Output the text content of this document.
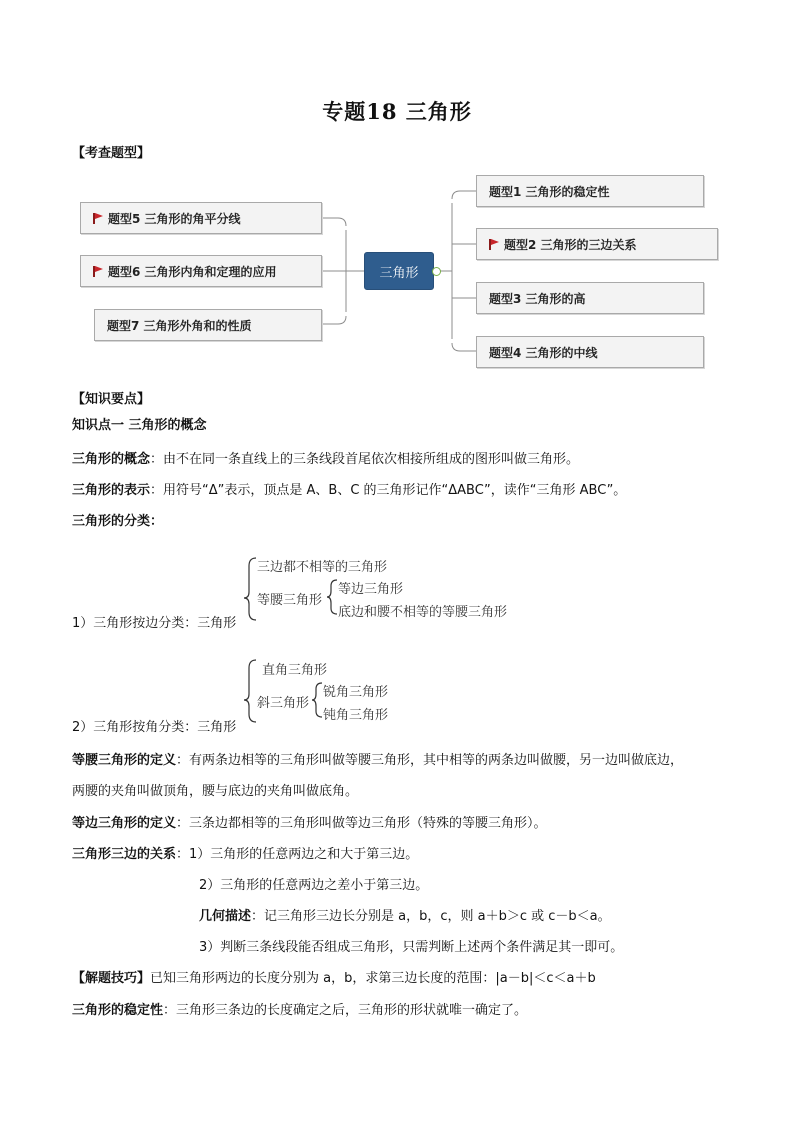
专题18 三角形
【考查题型】
题型5 三角形的角平分线
题型6 三角形内角和定理的应用
题型7 三角形外角和的性质
三角形
题型1 三角形的稳定性
题型2 三角形的三边关系
题型3 三角形的高
题型4 三角形的中线
【知识要点】
知识点一 三角形的概念
三角形的概念：由不在同一条直线上的三条线段首尾依次相接所组成的图形叫做三角形。
三角形的表示：用符号“Δ”表示，顶点是 A、B、C 的三角形记作“ΔABC”，读作“三角形 ABC”。
三角形的分类：
1）三角形按边分类：三角形
三边都不相等的三角形
等腰三角形
等边三角形
底边和腰不相等的等腰三角形
2）三角形按角分类：三角形
直角三角形
斜三角形
锐角三角形
钝角三角形
等腰三角形的定义：有两条边相等的三角形叫做等腰三角形，其中相等的两条边叫做腰，另一边叫做底边，
两腰的夹角叫做顶角，腰与底边的夹角叫做底角。
等边三角形的定义：三条边都相等的三角形叫做等边三角形（特殊的等腰三角形）。
三角形三边的关系：1）三角形的任意两边之和大于第三边。
2）三角形的任意两边之差小于第三边。
几何描述：记三角形三边长分别是 a，b，c，则 a＋b＞c 或 c－b＜a。
3）判断三条线段能否组成三角形，只需判断上述两个条件满足其一即可。
【解题技巧】已知三角形两边的长度分别为 a，b，求第三边长度的范围：|a－b|＜c＜a＋b
三角形的稳定性：三角形三条边的长度确定之后，三角形的形状就唯一确定了。
